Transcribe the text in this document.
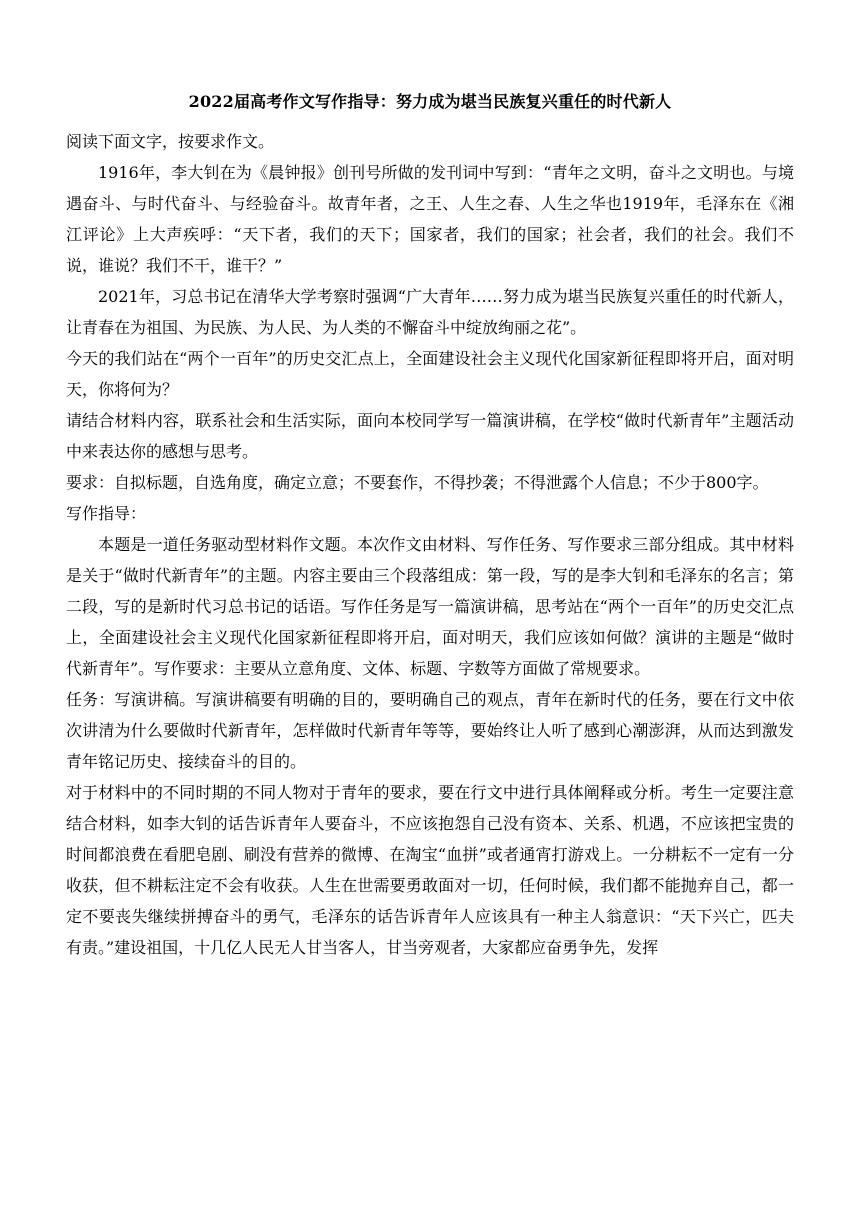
2022届高考作文写作指导：努力成为堪当民族复兴重任的时代新人

阅读下面文字，按要求作文。

1916年，李大钊在为《晨钟报》创刊号所做的发刊词中写到：“青年之文明，奋斗之文明也。与境遇奋斗、与时代奋斗、与经验奋斗。故青年者，之王、人生之春、人生之华也1919年，毛泽东在《湘江评论》上大声疾呼：“天下者，我们的天下；国家者，我们的国家；社会者，我们的社会。我们不说，谁说？我们不干，谁干？”

2021年，习总书记在清华大学考察时强调“广大青年……努力成为堪当民族复兴重任的时代新人，让青春在为祖国、为民族、为人民、为人类的不懈奋斗中绽放绚丽之花”。

今天的我们站在“两个一百年”的历史交汇点上，全面建设社会主义现代化国家新征程即将开启，面对明天，你将何为？

请结合材料内容，联系社会和生活实际，面向本校同学写一篇演讲稿，在学校“做时代新青年”主题活动中来表达你的感想与思考。

要求：自拟标题，自选角度，确定立意；不要套作，不得抄袭；不得泄露个人信息；不少于800字。

写作指导：

本题是一道任务驱动型材料作文题。本次作文由材料、写作任务、写作要求三部分组成。其中材料是关于“做时代新青年”的主题。内容主要由三个段落组成：第一段，写的是李大钊和毛泽东的名言；第二段，写的是新时代习总书记的话语。写作任务是写一篇演讲稿，思考站在“两个一百年”的历史交汇点上，全面建设社会主义现代化国家新征程即将开启，面对明天，我们应该如何做？演讲的主题是“做时代新青年”。写作要求：主要从立意角度、文体、标题、字数等方面做了常规要求。

任务：写演讲稿。写演讲稿要有明确的目的，要明确自己的观点，青年在新时代的任务，要在行文中依次讲清为什么要做时代新青年，怎样做时代新青年等等，要始终让人听了感到心潮澎湃，从而达到激发青年铭记历史、接续奋斗的目的。

对于材料中的不同时期的不同人物对于青年的要求，要在行文中进行具体阐释或分析。考生一定要注意结合材料，如李大钊的话告诉青年人要奋斗，不应该抱怨自己没有资本、关系、机遇，不应该把宝贵的时间都浪费在看肥皂剧、刷没有营养的微博、在淘宝“血拼”或者通宵打游戏上。一分耕耘不一定有一分收获，但不耕耘注定不会有收获。人生在世需要勇敢面对一切，任何时候，我们都不能抛弃自己，都一定不要丧失继续拼搏奋斗的勇气，毛泽东的话告诉青年人应该具有一种主人翁意识：“天下兴亡，匹夫有责。”建设祖国，十几亿人民无人甘当客人，甘当旁观者，大家都应奋勇争先，发挥
